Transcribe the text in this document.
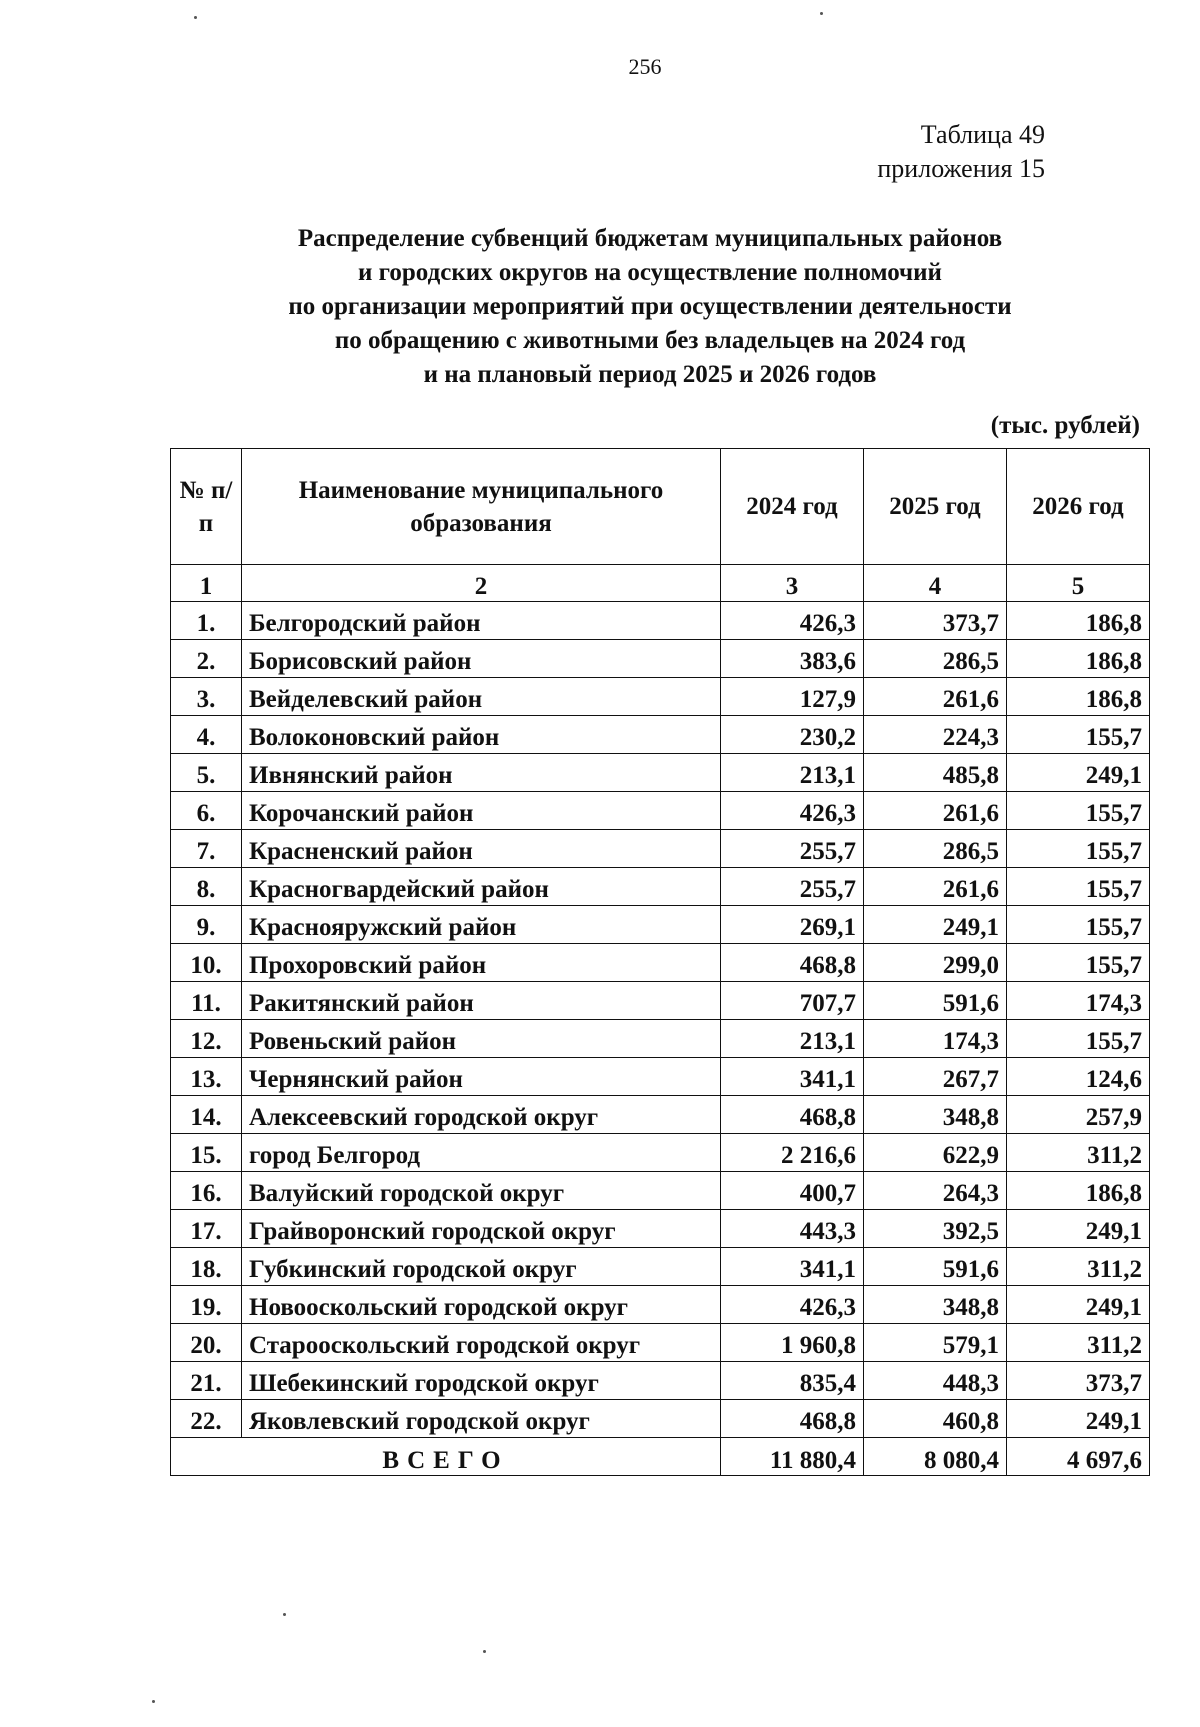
256
Таблица 49
приложения 15
Распределение субвенций бюджетам муниципальных районов
и городских округов на осуществление полномочий
по организации мероприятий при осуществлении деятельности
по обращению с животными без владельцев на 2024 год
и на плановый период 2025 и 2026 годов
(тыс. рублей)
№ п/п	Наименование муниципального образования	2024 год	2025 год	2026 год
1	2	3	4	5
1.	Белгородский район	426,3	373,7	186,8
2.	Борисовский район	383,6	286,5	186,8
3.	Вейделевский район	127,9	261,6	186,8
4.	Волоконовский район	230,2	224,3	155,7
5.	Ивнянский район	213,1	485,8	249,1
6.	Корочанский район	426,3	261,6	155,7
7.	Красненский район	255,7	286,5	155,7
8.	Красногвардейский район	255,7	261,6	155,7
9.	Краснояружский район	269,1	249,1	155,7
10.	Прохоровский район	468,8	299,0	155,7
11.	Ракитянский район	707,7	591,6	174,3
12.	Ровеньский район	213,1	174,3	155,7
13.	Чернянский район	341,1	267,7	124,6
14.	Алексеевский городской округ	468,8	348,8	257,9
15.	город Белгород	2 216,6	622,9	311,2
16.	Валуйский городской округ	400,7	264,3	186,8
17.	Грайворонский городской округ	443,3	392,5	249,1
18.	Губкинский городской округ	341,1	591,6	311,2
19.	Новооскольский городской округ	426,3	348,8	249,1
20.	Старооскольский городской округ	1 960,8	579,1	311,2
21.	Шебекинский городской округ	835,4	448,3	373,7
22.	Яковлевский городской округ	468,8	460,8	249,1
ВСЕГО		11 880,4	8 080,4	4 697,6
